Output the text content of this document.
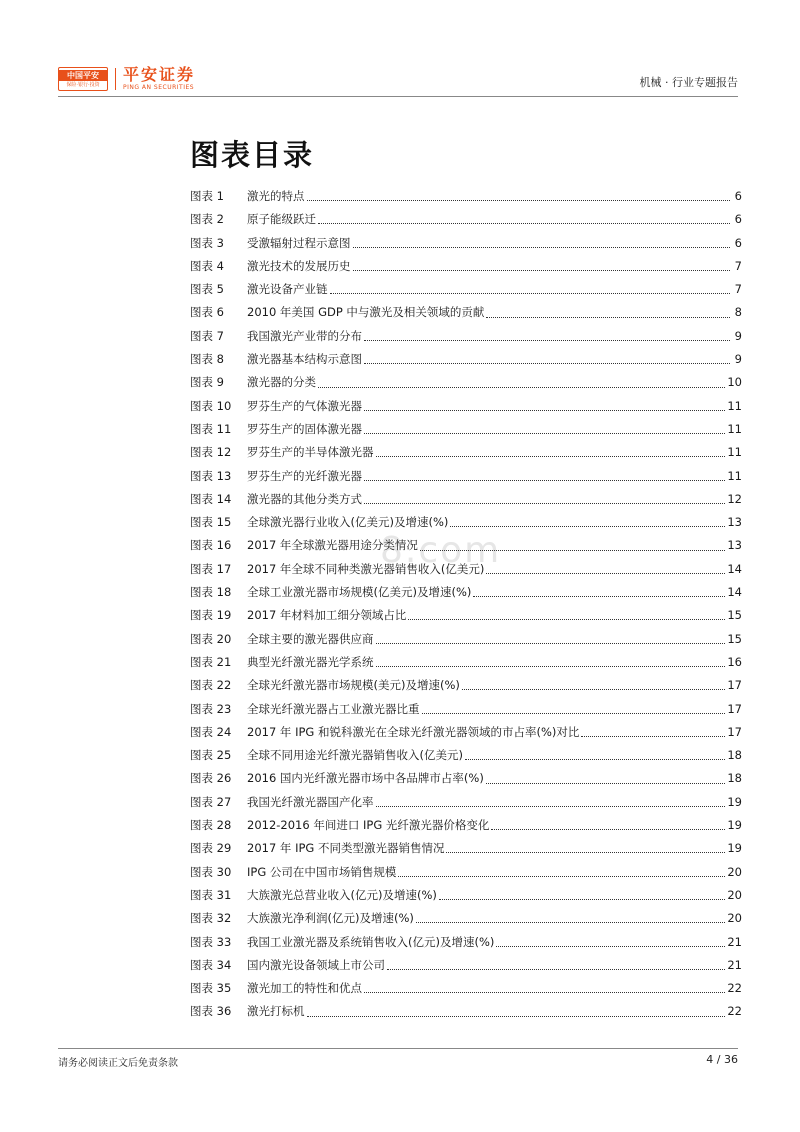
中国平安
保险·银行·投资
平安证券
PING AN SECURITIES	机械 · 行业专题报告
图表目录
8.com
图表 1	激光的特点	6
图表 2	原子能级跃迁	6
图表 3	受激辐射过程示意图	6
图表 4	激光技术的发展历史	7
图表 5	激光设备产业链	7
图表 6	2010 年美国 GDP 中与激光及相关领域的贡献	8
图表 7	我国激光产业带的分布	9
图表 8	激光器基本结构示意图	9
图表 9	激光器的分类	10
图表 10	罗芬生产的气体激光器	11
图表 11	罗芬生产的固体激光器	11
图表 12	罗芬生产的半导体激光器	11
图表 13	罗芬生产的光纤激光器	11
图表 14	激光器的其他分类方式	12
图表 15	全球激光器行业收入(亿美元)及增速(%)	13
图表 16	2017 年全球激光器用途分类情况	13
图表 17	2017 年全球不同种类激光器销售收入(亿美元)	14
图表 18	全球工业激光器市场规模(亿美元)及增速(%)	14
图表 19	2017 年材料加工细分领域占比	15
图表 20	全球主要的激光器供应商	15
图表 21	典型光纤激光器光学系统	16
图表 22	全球光纤激光器市场规模(美元)及增速(%)	17
图表 23	全球光纤激光器占工业激光器比重	17
图表 24	2017 年 IPG 和锐科激光在全球光纤激光器领域的市占率(%)对比	17
图表 25	全球不同用途光纤激光器销售收入(亿美元)	18
图表 26	2016 国内光纤激光器市场中各品牌市占率(%)	18
图表 27	我国光纤激光器国产化率	19
图表 28	2012-2016 年间进口 IPG 光纤激光器价格变化	19
图表 29	2017 年 IPG 不同类型激光器销售情况	19
图表 30	IPG 公司在中国市场销售规模	20
图表 31	大族激光总营业收入(亿元)及增速(%)	20
图表 32	大族激光净利润(亿元)及增速(%)	20
图表 33	我国工业激光器及系统销售收入(亿元)及增速(%)	21
图表 34	国内激光设备领域上市公司	21
图表 35	激光加工的特性和优点	22
图表 36	激光打标机	22
请务必阅读正文后免责条款	4 / 36
